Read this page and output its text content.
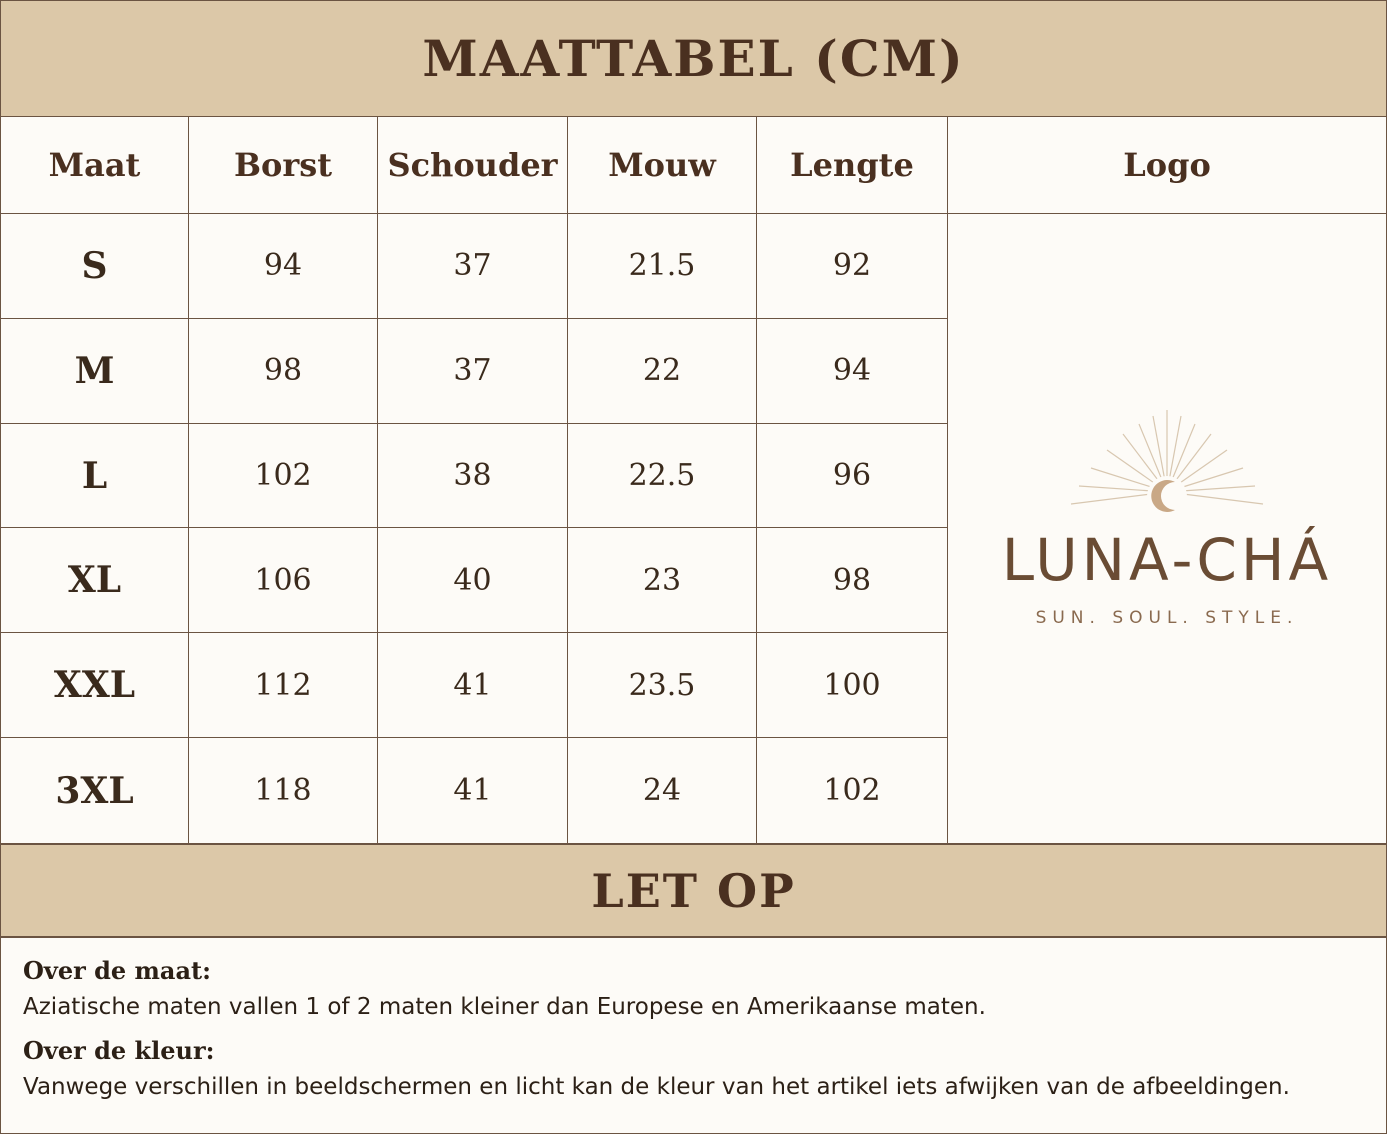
MAATTABEL (CM)
Maat	Borst	Schouder	Mouw	Lengte	Logo
S	94	37	21.5	92
LUNA-CHÁ
SUN. SOUL. STYLE.
M	98	37	22	94
L	102	38	22.5	96
XL	106	40	23	98
XXL	112	41	23.5	100
3XL	118	41	24	102
LET OP

Over de maat:

Aziatische maten vallen 1 of 2 maten kleiner dan Europese en Amerikaanse maten.

Over de kleur:

Vanwege verschillen in beeldschermen en licht kan de kleur van het artikel iets afwijken van de afbeeldingen.
